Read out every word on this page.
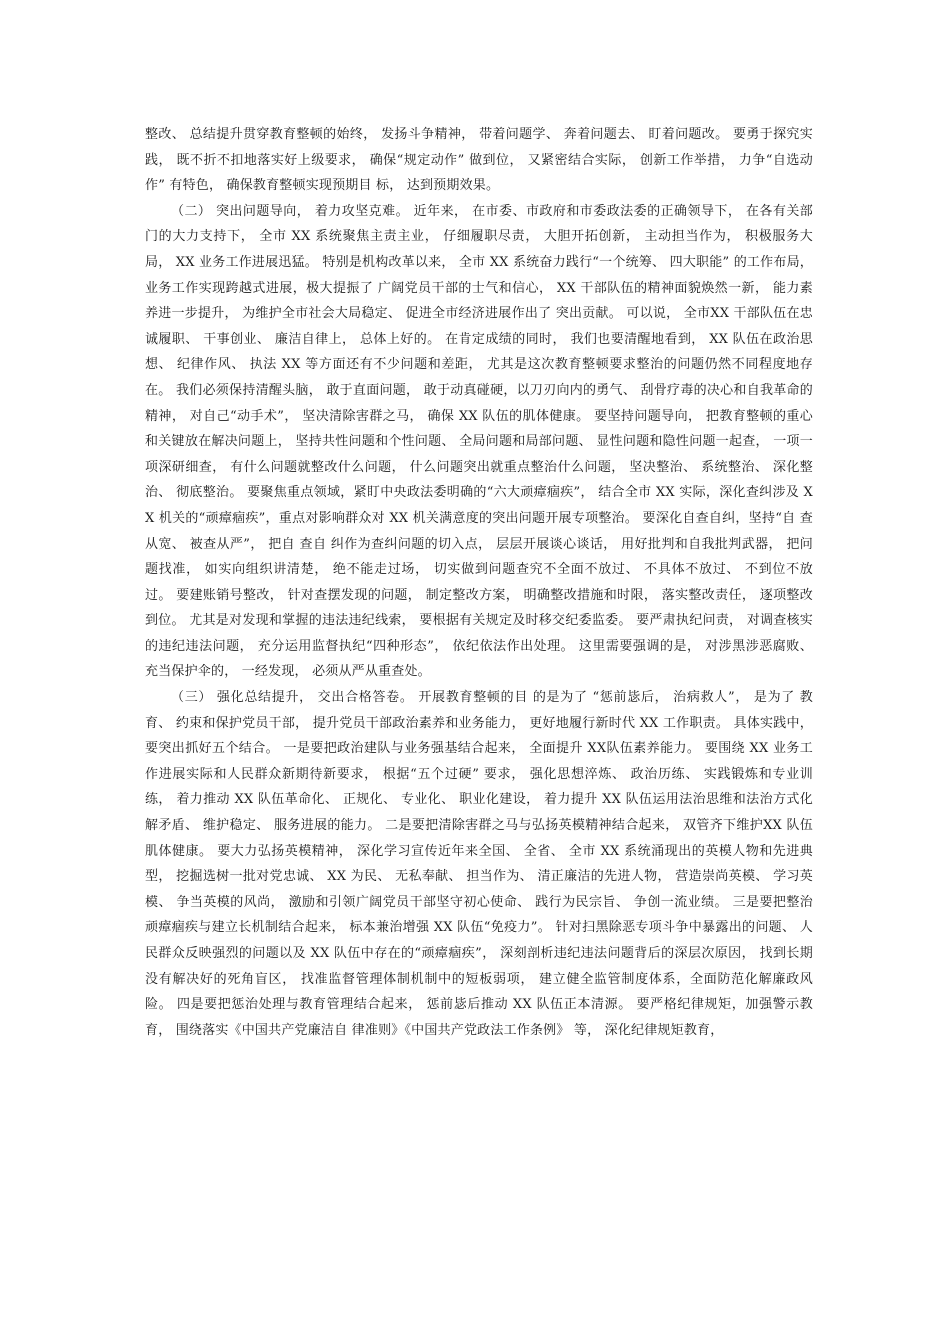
整改、 总结提升贯穿教育整顿的始终， 发扬斗争精神， 带着问题学、 奔着问题去、 盯着问题改。 要勇于探究实践， 既不折不扣地落实好上级要求， 确保“规定动作” 做到位， 又紧密结合实际， 创新工作举措， 力争“自选动作” 有特色， 确保教育整顿实现预期目 标， 达到预期效果。

（二） 突出问题导向， 着力攻坚克难。 近年来， 在市委、市政府和市委政法委的正确领导下， 在各有关部门的大力支持下， 全市 XX 系统聚焦主责主业， 仔细履职尽责， 大胆开拓创新， 主动担当作为， 积极服务大局， XX 业务工作进展迅猛。 特别是机构改革以来， 全市 XX 系统奋力践行“一个统筹、 四大职能” 的工作布局， 业务工作实现跨越式进展，极大提振了 广阔党员干部的士气和信心， XX 干部队伍的精神面貌焕然一新， 能力素养进一步提升， 为维护全市社会大局稳定、 促进全市经济进展作出了 突出贡献。 可以说， 全市XX 干部队伍在忠诚履职、 干事创业、 廉洁自律上， 总体上好的。 在肯定成绩的同时， 我们也要清醒地看到， XX 队伍在政治思想、 纪律作风、 执法 XX 等方面还有不少问题和差距， 尤其是这次教育整顿要求整治的问题仍然不同程度地存在。 我们必须保持清醒头脑， 敢于直面问题， 敢于动真碰硬，以刀刃向内的勇气、 刮骨疗毒的决心和自我革命的精神， 对自己“动手术”， 坚决清除害群之马， 确保 XX 队伍的肌体健康。 要坚持问题导向， 把教育整顿的重心和关键放在解决问题上， 坚持共性问题和个性问题、 全局问题和局部问题、 显性问题和隐性问题一起查， 一项一项深研细查， 有什么问题就整改什么问题， 什么问题突出就重点整治什么问题， 坚决整治、 系统整治、 深化整治、 彻底整治。 要聚焦重点领域，紧盯中央政法委明确的“六大顽瘴痼疾”， 结合全市 XX 实际，深化查纠涉及 XX 机关的“顽瘴痼疾”，重点对影响群众对 XX 机关满意度的突出问题开展专项整治。 要深化自查自纠，坚持“自 查从宽、 被查从严”， 把自 查自 纠作为查纠问题的切入点， 层层开展谈心谈话， 用好批判和自我批判武器， 把问题找准， 如实向组织讲清楚， 绝不能走过场， 切实做到问题查究不全面不放过、 不具体不放过、 不到位不放过。 要建账销号整改， 针对查摆发现的问题， 制定整改方案， 明确整改措施和时限， 落实整改责任， 逐项整改到位。 尤其是对发现和掌握的违法违纪线索， 要根据有关规定及时移交纪委监委。 要严肃执纪问责， 对调查核实的违纪违法问题， 充分运用监督执纪“四种形态”， 依纪依法作出处理。 这里需要强调的是， 对涉黑涉恶腐败、 充当保护伞的， 一经发现， 必须从严从重查处。

（三） 强化总结提升， 交出合格答卷。 开展教育整顿的目 的是为了 “惩前毖后， 治病救人”， 是为了 教育、 约束和保护党员干部， 提升党员干部政治素养和业务能力， 更好地履行新时代 XX 工作职责。 具体实践中， 要突出抓好五个结合。 一是要把政治建队与业务强基结合起来， 全面提升 XX队伍素养能力。 要围绕 XX 业务工作进展实际和人民群众新期待新要求， 根据“五个过硬” 要求， 强化思想淬炼、 政治历练、 实践锻炼和专业训练， 着力推动 XX 队伍革命化、 正规化、 专业化、 职业化建设， 着力提升 XX 队伍运用法治思维和法治方式化解矛盾、 维护稳定、 服务进展的能力。 二是要把清除害群之马与弘扬英模精神结合起来， 双管齐下维护XX 队伍肌体健康。 要大力弘扬英模精神， 深化学习宣传近年来全国、 全省、 全市 XX 系统涌现出的英模人物和先进典型， 挖掘选树一批对党忠诚、 XX 为民、 无私奉献、 担当作为、 清正廉洁的先进人物， 营造崇尚英模、 学习英模、 争当英模的风尚， 激励和引领广阔党员干部坚守初心使命、 践行为民宗旨、 争创一流业绩。 三是要把整治顽瘴痼疾与建立长机制结合起来， 标本兼治增强 XX 队伍“免疫力”。 针对扫黑除恶专项斗争中暴露出的问题、 人民群众反映强烈的问题以及 XX 队伍中存在的“顽瘴痼疾”， 深刻剖析违纪违法问题背后的深层次原因， 找到长期没有解决好的死角盲区， 找准监督管理体制机制中的短板弱项， 建立健全监管制度体系，全面防范化解廉政风险。 四是要把惩治处理与教育管理结合起来， 惩前毖后推动 XX 队伍正本清源。 要严格纪律规矩，加强警示教育， 围绕落实《中国共产党廉洁自 律准则》《中国共产党政法工作条例》 等， 深化纪律规矩教育，
